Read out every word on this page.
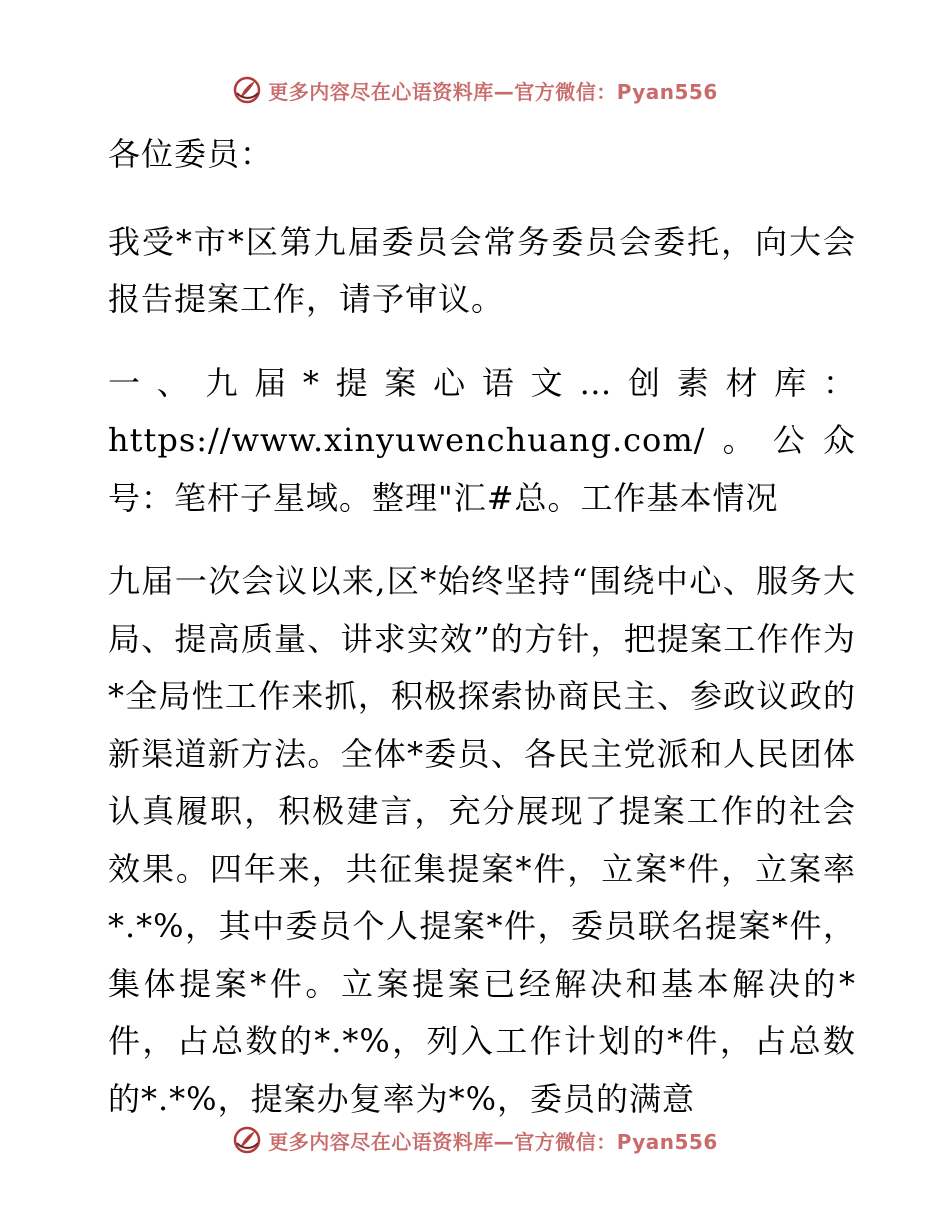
更多内容尽在心语资料库—官方微信：Pyan556

各位委员：

我受*市*区第九届委员会常务委员会委托，向大会报告提案工作，请予审议。

一、九届*提案心语文…创素材库：https://www.xinyuwenchuang.com/。公众号：笔杆子星域。整理"汇#总。工作基本情况

九届一次会议以来,区*始终坚持“围绕中心、服务大局、提高质量、讲求实效”的方针，把提案工作作为*全局性工作来抓，积极探索协商民主、参政议政的新渠道新方法。全体*委员、各民主党派和人民团体认真履职，积极建言，充分展现了提案工作的社会效果。四年来，共征集提案*件，立案*件，立案率*.*%，其中委员个人提案*件，委员联名提案*件，集体提案*件。立案提案已经解决和基本解决的*件，占总数的*.*%，列入工作计划的*件，占总数的*.*%，提案办复率为*%，委员的满意

更多内容尽在心语资料库—官方微信：Pyan556
